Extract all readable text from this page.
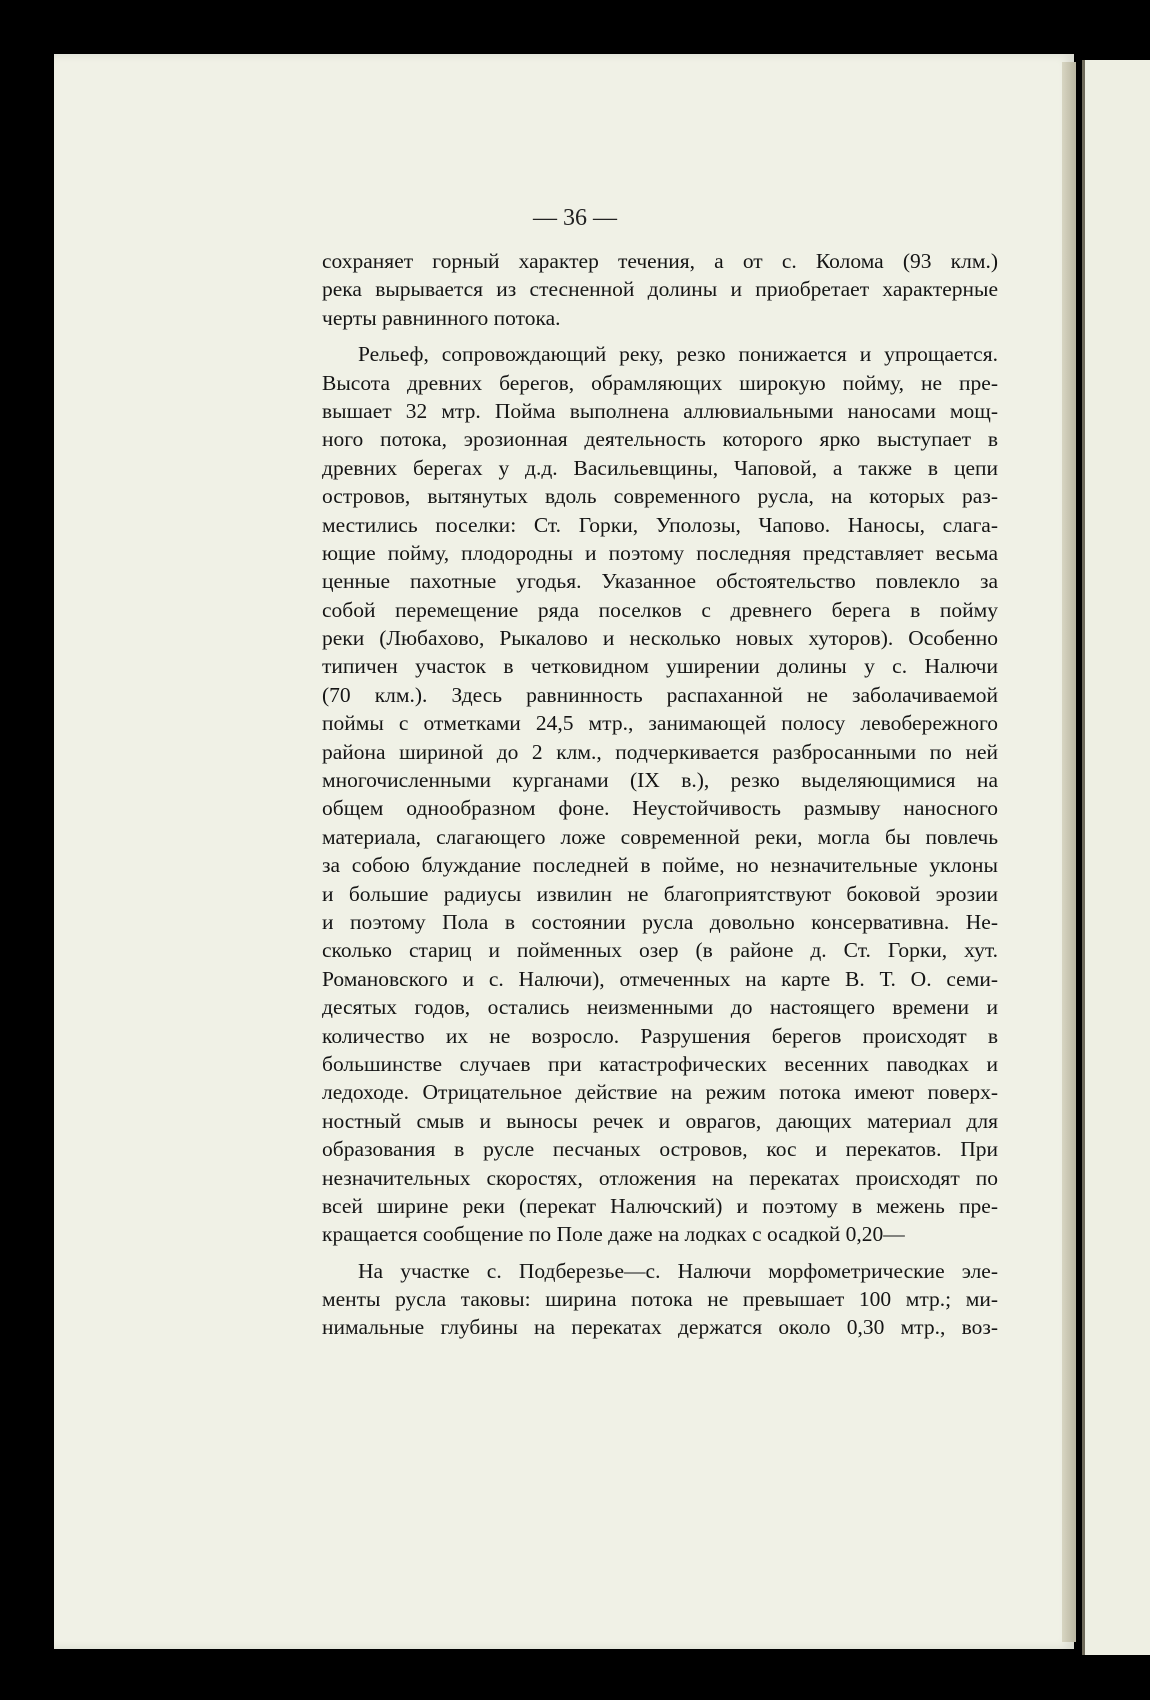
— 36 —
сохраняет горный характер течения, а от с. Колома (93 клм.)
река вырывается из стесненной долины и приобретает характерные
черты равнинного потока.
Рельеф, сопровождающий реку, резко понижается и упрощается.
Высота древних берегов, обрамляющих широкую пойму, не пре-
вышает 32 мтр. Пойма выполнена аллювиальными наносами мощ-
ного потока, эрозионная деятельность которого ярко выступает в
древних берегах у д.д. Васильевщины, Чаповой, а также в цепи
островов, вытянутых вдоль современного русла, на которых раз-
местились поселки: Ст. Горки, Уполозы, Чапово. Наносы, слага-
ющие пойму, плодородны и поэтому последняя представляет весьма
ценные пахотные угодья. Указанное обстоятельство повлекло за
собой перемещение ряда поселков с древнего берега в пойму
реки (Любахово, Рыкалово и несколько новых хуторов). Особенно
типичен участок в четковидном уширении долины у с. Налючи
(70 клм.). Здесь равнинность распаханной не заболачиваемой
поймы с отметками 24,5 мтр., занимающей полосу левобережного
района шириной до 2 клм., подчеркивается разбросанными по ней
многочисленными курганами (IX в.), резко выделяющимися на
общем однообразном фоне. Неустойчивость размыву наносного
материала, слагающего ложе современной реки, могла бы повлечь
за собою блуждание последней в пойме, но незначительные уклоны
и большие радиусы извилин не благоприятствуют боковой эрозии
и поэтому Пола в состоянии русла довольно консервативна. Не-
сколько стариц и пойменных озер (в районе д. Ст. Горки, хут.
Романовского и с. Налючи), отмеченных на карте В. Т. О. семи-
десятых годов, остались неизменными до настоящего времени и
количество их не возросло. Разрушения берегов происходят в
большинстве случаев при катастрофических весенних паводках и
ледоходе. Отрицательное действие на режим потока имеют поверх-
ностный смыв и выносы речек и оврагов, дающих материал для
образования в русле песчаных островов, кос и перекатов. При
незначительных скоростях, отложения на перекатах происходят по
всей ширине реки (перекат Налючский) и поэтому в межень пре-
кращается сообщение по Поле даже на лодках с осадкой 0,20—
На участке с. Подберезье—с. Налючи морфометрические эле-
менты русла таковы: ширина потока не превышает 100 мтр.; ми-
нимальные глубины на перекатах держатся около 0,30 мтр., воз-
